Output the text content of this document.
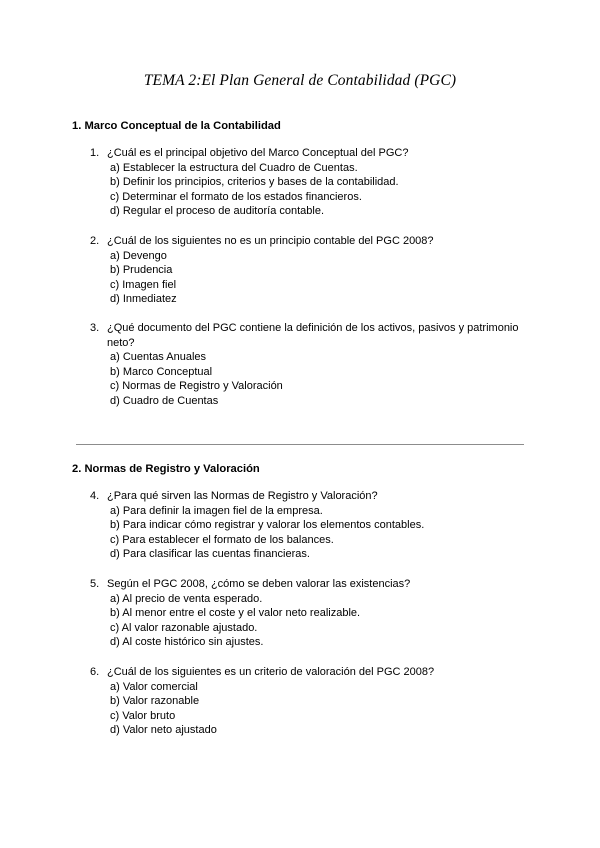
TEMA 2:El Plan General de Contabilidad (PGC)
1. Marco Conceptual de la Contabilidad
1. ¿Cuál es el principal objetivo del Marco Conceptual del PGC?
a) Establecer la estructura del Cuadro de Cuentas.
b) Definir los principios, criterios y bases de la contabilidad.
c) Determinar el formato de los estados financieros.
d) Regular el proceso de auditoría contable.
2. ¿Cuál de los siguientes no es un principio contable del PGC 2008?
a) Devengo
b) Prudencia
c) Imagen fiel
d) Inmediatez
3. ¿Qué documento del PGC contiene la definición de los activos, pasivos y patrimonio neto?
a) Cuentas Anuales
b) Marco Conceptual
c) Normas de Registro y Valoración
d) Cuadro de Cuentas
2. Normas de Registro y Valoración
4. ¿Para qué sirven las Normas de Registro y Valoración?
a) Para definir la imagen fiel de la empresa.
b) Para indicar cómo registrar y valorar los elementos contables.
c) Para establecer el formato de los balances.
d) Para clasificar las cuentas financieras.
5. Según el PGC 2008, ¿cómo se deben valorar las existencias?
a) Al precio de venta esperado.
b) Al menor entre el coste y el valor neto realizable.
c) Al valor razonable ajustado.
d) Al coste histórico sin ajustes.
6. ¿Cuál de los siguientes es un criterio de valoración del PGC 2008?
a) Valor comercial
b) Valor razonable
c) Valor bruto
d) Valor neto ajustado
